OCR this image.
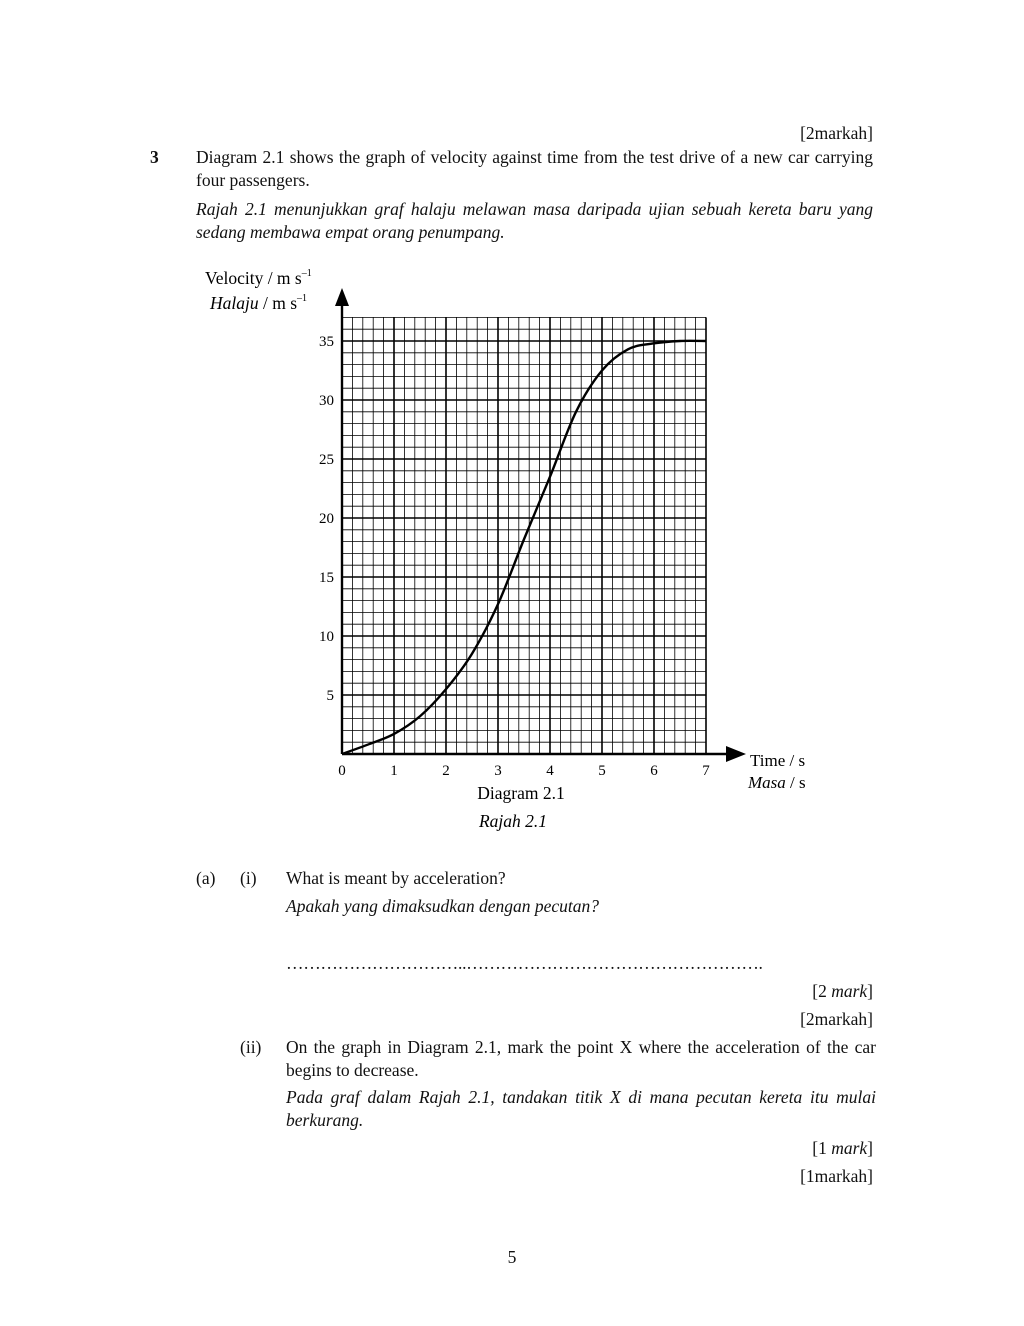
[2markah]

3 Diagram 2.1 shows the graph of velocity against time from the test drive of a new car carrying four passengers.

Rajah 2.1 menunjukkan graf halaju melawan masa daripada ujian sebuah kereta baru yang sedang membawa empat orang penumpang.

Velocity / m $s^{-1}$
Halaju / m $s^{-1}$
Time / s
Masa / s
0	1	2	3	4	5	6	7
5
10
15
20
25
30
35
Diagram 2.1
Rajah 2.1

(a) (i) What is meant by acceleration?

Apakah yang dimaksudkan dengan pecutan?

…………………………..…………………………………………….

[2 mark]

[2markah]

(ii) On the graph in Diagram 2.1, mark the point X where the acceleration of the car begins to decrease.

Pada graf dalam Rajah 2.1, tandakan titik X di mana pecutan kereta itu mulai berkurang.

[1 mark]

[1markah]

5
